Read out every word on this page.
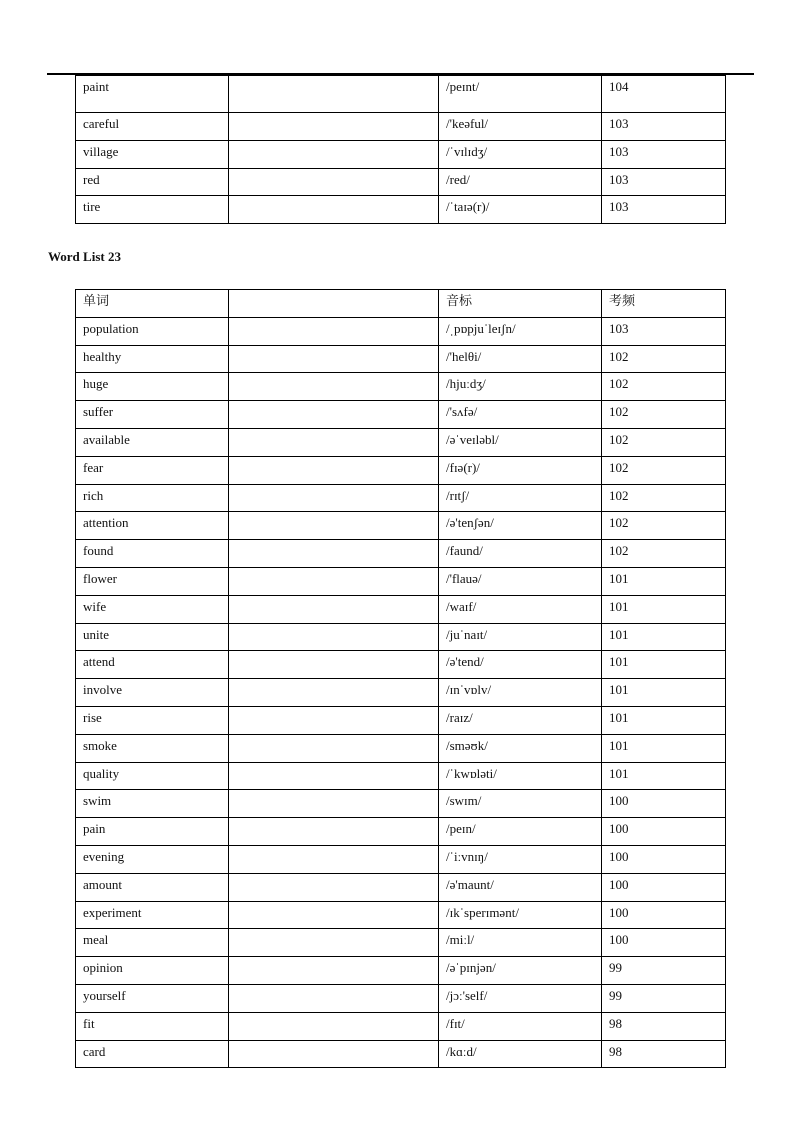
paint		/peɪnt/	104
careful		/'keəful/	103
village		/ˈvɪlɪdʒ/	103
red		/red/	103
tire		/ˈtaɪə(r)/	103
Word List 23
单词		音标	考频
population		/ˌpɒpjuˈleɪʃn/	103
healthy		/'helθi/	102
huge		/hjuːdʒ/	102
suffer		/'sʌfə/	102
available		/əˈveɪləbl/	102
fear		/fɪə(r)/	102
rich		/rɪtʃ/	102
attention		/ə'tenʃən/	102
found		/faund/	102
flower		/'flauə/	101
wife		/waɪf/	101
unite		/juˈnaɪt/	101
attend		/ə'tend/	101
involve		/ɪnˈvɒlv/	101
rise		/raɪz/	101
smoke		/sməʊk/	101
quality		/ˈkwɒləti/	101
swim		/swɪm/	100
pain		/peɪn/	100
evening		/ˈiːvnɪŋ/	100
amount		/ə'maunt/	100
experiment		/ɪkˈsperɪmənt/	100
meal		/miːl/	100
opinion		/əˈpɪnjən/	99
yourself		/jɔː'self/	99
fit		/fɪt/	98
card		/kɑːd/	98
